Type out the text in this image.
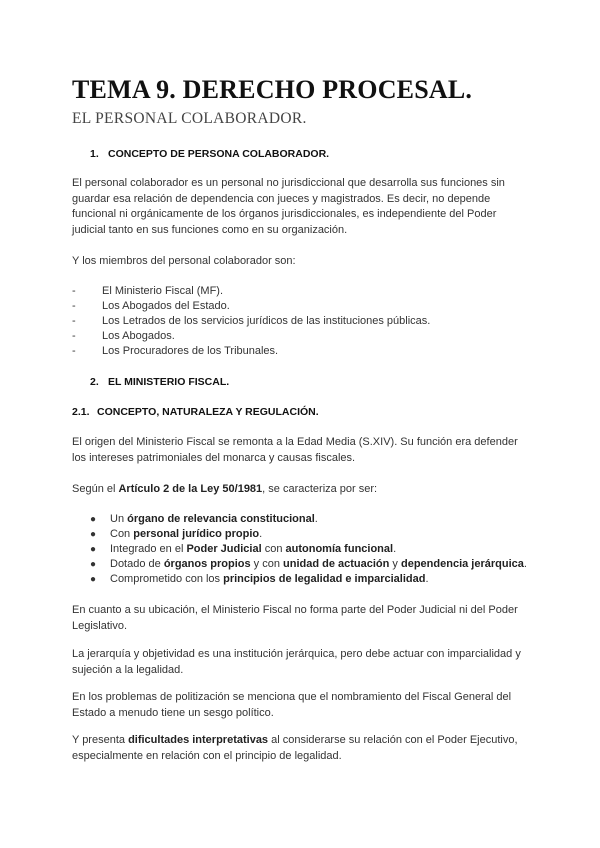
TEMA 9. DERECHO PROCESAL.
EL PERSONAL COLABORADOR.
1. CONCEPTO DE PERSONA COLABORADOR.
El personal colaborador es un personal no jurisdiccional que desarrolla sus funciones sin guardar esa relación de dependencia con jueces y magistrados. Es decir, no depende funcional ni orgánicamente de los órganos jurisdiccionales, es independiente del Poder judicial tanto en sus funciones como en su organización.
Y los miembros del personal colaborador son:
- El Ministerio Fiscal (MF).
- Los Abogados del Estado.
- Los Letrados de los servicios jurídicos de las instituciones públicas.
- Los Abogados.
- Los Procuradores de los Tribunales.
2. EL MINISTERIO FISCAL.
2.1. CONCEPTO, NATURALEZA Y REGULACIÓN.
El origen del Ministerio Fiscal se remonta a la Edad Media (S.XIV). Su función era defender los intereses patrimoniales del monarca y causas fiscales.
Según el Artículo 2 de la Ley 50/1981, se caracteriza por ser:
● Un órgano de relevancia constitucional.
● Con personal jurídico propio.
● Integrado en el Poder Judicial con autonomía funcional.
● Dotado de órganos propios y con unidad de actuación y dependencia jerárquica.
● Comprometido con los principios de legalidad e imparcialidad.
En cuanto a su ubicación, el Ministerio Fiscal no forma parte del Poder Judicial ni del Poder Legislativo.
La jerarquía y objetividad es una institución jerárquica, pero debe actuar con imparcialidad y sujeción a la legalidad.
En los problemas de politización se menciona que el nombramiento del Fiscal General del Estado a menudo tiene un sesgo político.
Y presenta dificultades interpretativas al considerarse su relación con el Poder Ejecutivo, especialmente en relación con el principio de legalidad.
